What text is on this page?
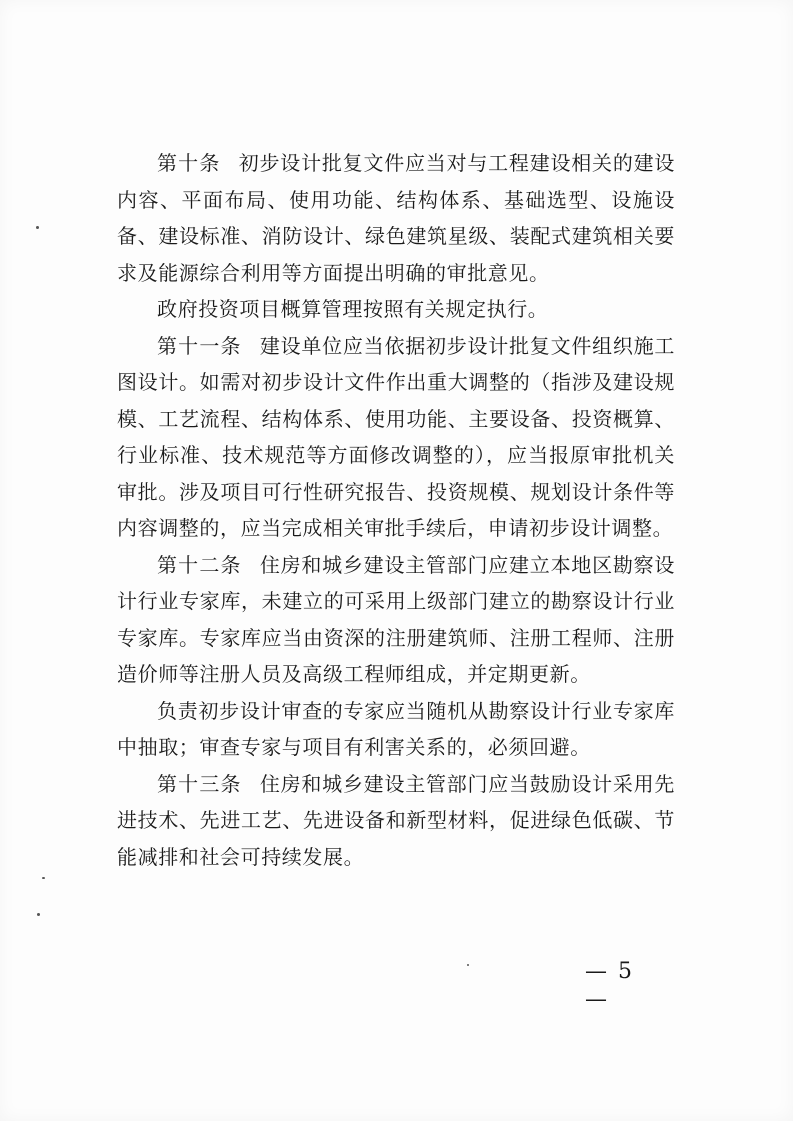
第十条 初步设计批复文件应当对与工程建设相关的建设内容、平面布局、使用功能、结构体系、基础选型、设施设备、建设标准、消防设计、绿色建筑星级、装配式建筑相关要求及能源综合利用等方面提出明确的审批意见。

政府投资项目概算管理按照有关规定执行。

第十一条 建设单位应当依据初步设计批复文件组织施工图设计。如需对初步设计文件作出重大调整的（指涉及建设规模、工艺流程、结构体系、使用功能、主要设备、投资概算、行业标准、技术规范等方面修改调整的），应当报原审批机关审批。涉及项目可行性研究报告、投资规模、规划设计条件等内容调整的，应当完成相关审批手续后，申请初步设计调整。

第十二条 住房和城乡建设主管部门应建立本地区勘察设计行业专家库，未建立的可采用上级部门建立的勘察设计行业专家库。专家库应当由资深的注册建筑师、注册工程师、注册造价师等注册人员及高级工程师组成，并定期更新。

负责初步设计审查的专家应当随机从勘察设计行业专家库中抽取；审查专家与项目有利害关系的，必须回避。

第十三条 住房和城乡建设主管部门应当鼓励设计采用先进技术、先进工艺、先进设备和新型材料，促进绿色低碳、节能减排和社会可持续发展。

— 5 —
